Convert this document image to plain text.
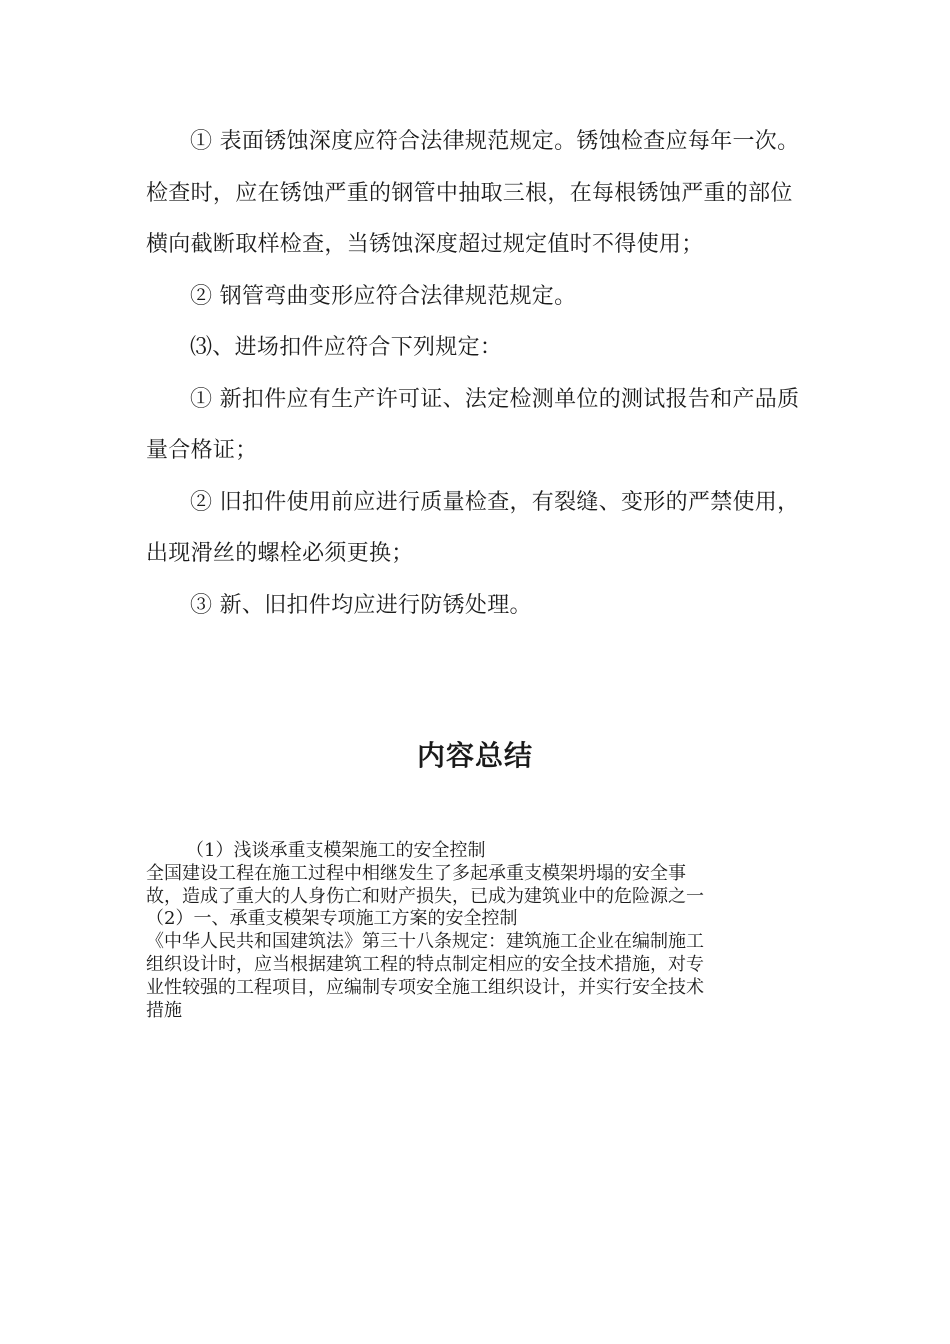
① 表面锈蚀深度应符合法律规范规定。锈蚀检查应每年一次。

检查时，应在锈蚀严重的钢管中抽取三根，在每根锈蚀严重的部位

横向截断取样检查，当锈蚀深度超过规定值时不得使用；

② 钢管弯曲变形应符合法律规范规定。

⑶、进场扣件应符合下列规定：

① 新扣件应有生产许可证、法定检测单位的测试报告和产品质

量合格证；

② 旧扣件使用前应进行质量检查，有裂缝、变形的严禁使用，

出现滑丝的螺栓必须更换；

③ 新、旧扣件均应进行防锈处理。

内容总结

（1）浅谈承重支模架施工的安全控制

全国建设工程在施工过程中相继发生了多起承重支模架坍塌的安全事

故，造成了重大的人身伤亡和财产损失，已成为建筑业中的危险源之一

（2）一、承重支模架专项施工方案的安全控制

《中华人民共和国建筑法》第三十八条规定：建筑施工企业在编制施工

组织设计时，应当根据建筑工程的特点制定相应的安全技术措施，对专

业性较强的工程项目，应编制专项安全施工组织设计，并实行安全技术

措施
